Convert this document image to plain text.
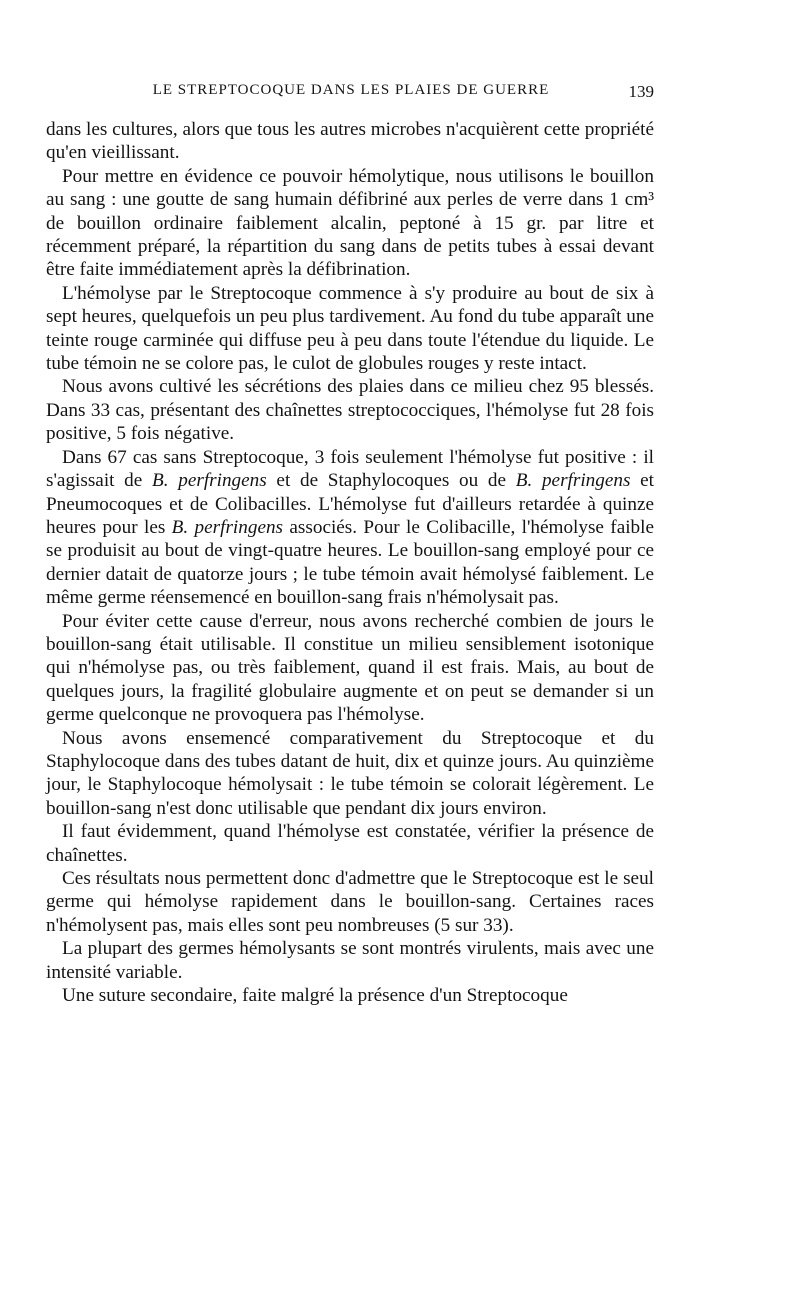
LE STREPTOCOQUE DANS LES PLAIES DE GUERRE	139

dans les cultures, alors que tous les autres microbes n'acquièrent cette propriété qu'en vieillissant.

Pour mettre en évidence ce pouvoir hémolytique, nous utilisons le bouillon au sang : une goutte de sang humain défibriné aux perles de verre dans 1 cm³ de bouillon ordinaire faiblement alcalin, peptoné à 15 gr. par litre et récemment préparé, la répartition du sang dans de petits tubes à essai devant être faite immédiatement après la défibrination.

L'hémolyse par le Streptocoque commence à s'y produire au bout de six à sept heures, quelquefois un peu plus tardivement. Au fond du tube apparaît une teinte rouge carminée qui diffuse peu à peu dans toute l'étendue du liquide. Le tube témoin ne se colore pas, le culot de globules rouges y reste intact.

Nous avons cultivé les sécrétions des plaies dans ce milieu chez 95 blessés. Dans 33 cas, présentant des chaînettes streptococciques, l'hémolyse fut 28 fois positive, 5 fois négative.

Dans 67 cas sans Streptocoque, 3 fois seulement l'hémolyse fut positive : il s'agissait de B. perfringens et de Staphylocoques ou de B. perfringens et Pneumocoques et de Colibacilles. L'hémolyse fut d'ailleurs retardée à quinze heures pour les B. perfringens associés. Pour le Colibacille, l'hémolyse faible se produisit au bout de vingt-quatre heures. Le bouillon-sang employé pour ce dernier datait de quatorze jours ; le tube témoin avait hémolysé faiblement. Le même germe réensemencé en bouillon-sang frais n'hémolysait pas.

Pour éviter cette cause d'erreur, nous avons recherché combien de jours le bouillon-sang était utilisable. Il constitue un milieu sensiblement isotonique qui n'hémolyse pas, ou très faiblement, quand il est frais. Mais, au bout de quelques jours, la fragilité globulaire augmente et on peut se demander si un germe quelconque ne provoquera pas l'hémolyse.

Nous avons ensemencé comparativement du Streptocoque et du Staphylocoque dans des tubes datant de huit, dix et quinze jours. Au quinzième jour, le Staphylocoque hémolysait : le tube témoin se colorait légèrement. Le bouillon-sang n'est donc utilisable que pendant dix jours environ.

Il faut évidemment, quand l'hémolyse est constatée, vérifier la présence de chaînettes.

Ces résultats nous permettent donc d'admettre que le Streptocoque est le seul germe qui hémolyse rapidement dans le bouillon-sang. Certaines races n'hémolysent pas, mais elles sont peu nombreuses (5 sur 33).

La plupart des germes hémolysants se sont montrés virulents, mais avec une intensité variable.

Une suture secondaire, faite malgré la présence d'un Streptocoque
